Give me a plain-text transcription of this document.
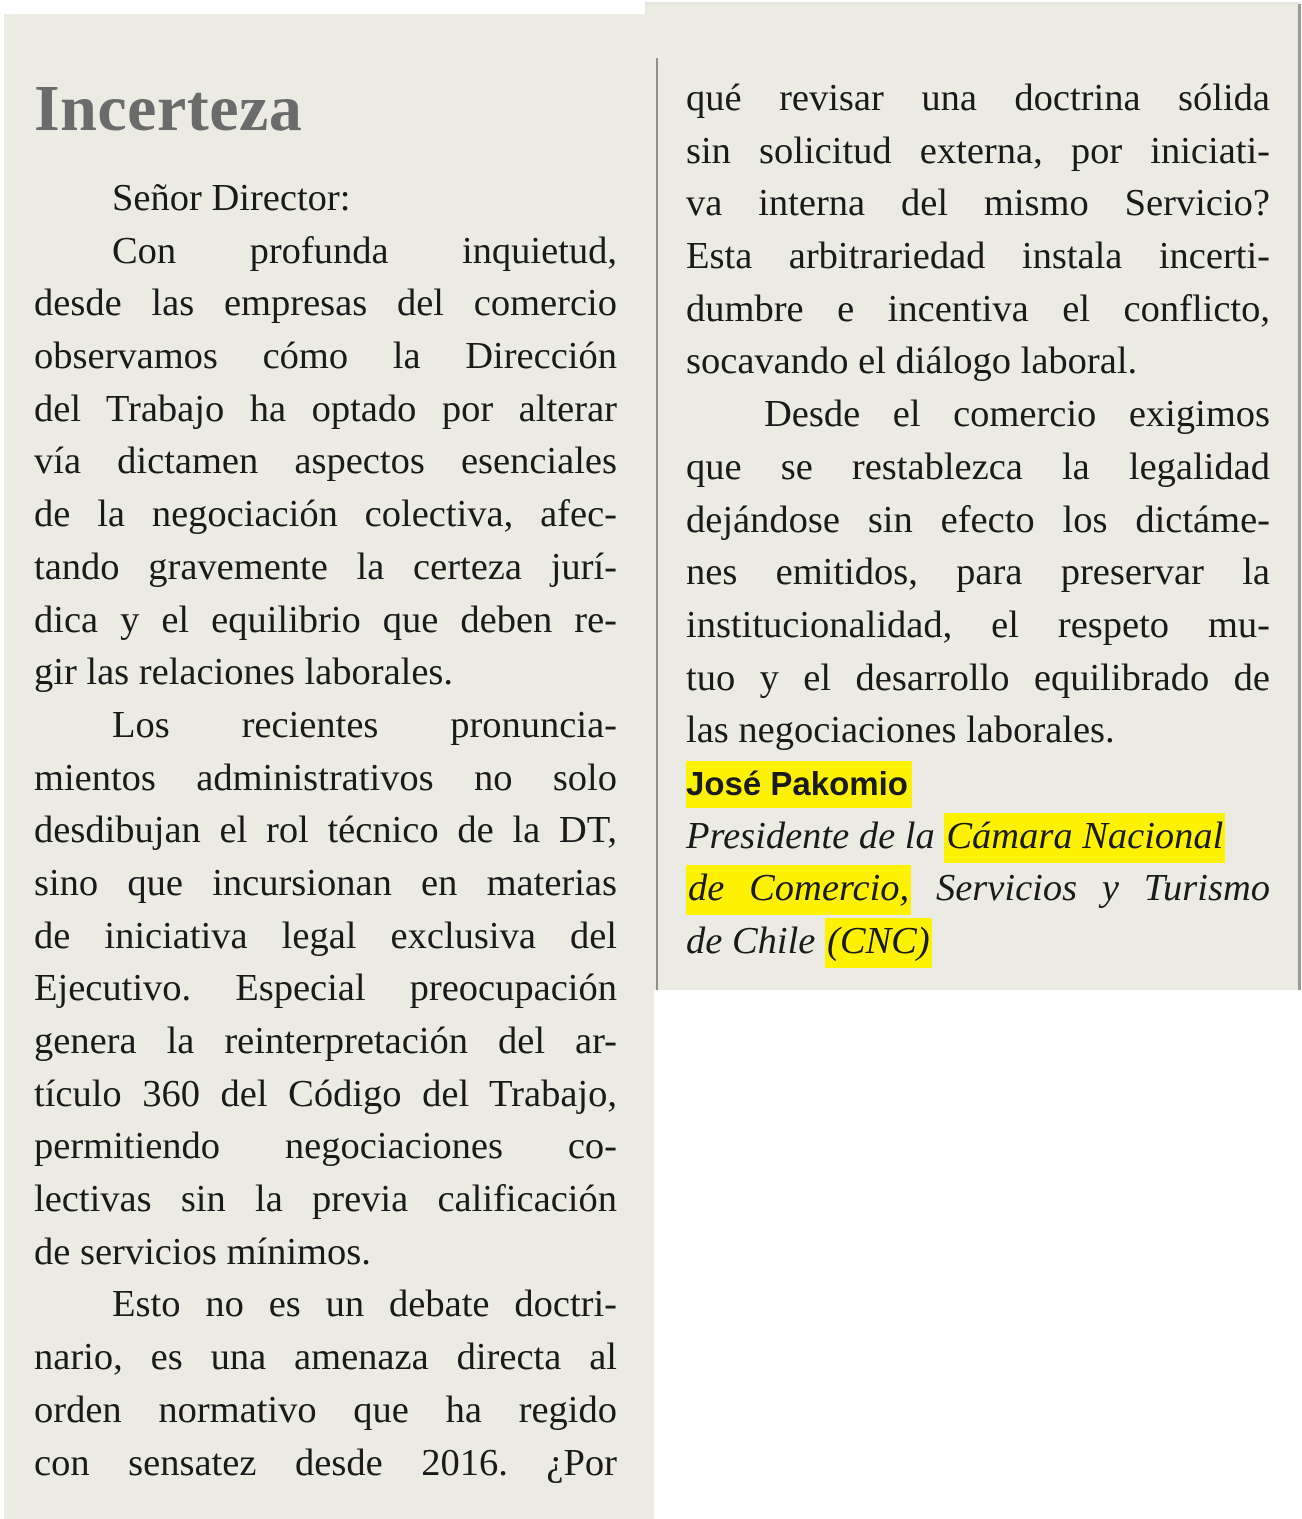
Incerteza
Señor Director:
Con profunda inquietud,
desde las empresas del comercio
observamos cómo la Dirección
del Trabajo ha optado por alterar
vía dictamen aspectos esenciales
de la negociación colectiva, afec-
tando gravemente la certeza jurí-
dica y el equilibrio que deben re-
gir las relaciones laborales.
Los recientes pronuncia-
mientos administrativos no solo
desdibujan el rol técnico de la DT,
sino que incursionan en materias
de iniciativa legal exclusiva del
Ejecutivo. Especial preocupación
genera la reinterpretación del ar-
tículo 360 del Código del Trabajo,
permitiendo negociaciones co-
lectivas sin la previa calificación
de servicios mínimos.
Esto no es un debate doctri-
nario, es una amenaza directa al
orden normativo que ha regido
con sensatez desde 2016. ¿Por
qué revisar una doctrina sólida
sin solicitud externa, por iniciati-
va interna del mismo Servicio?
Esta arbitrariedad instala incerti-
dumbre e incentiva el conflicto,
socavando el diálogo laboral.
Desde el comercio exigimos
que se restablezca la legalidad
dejándose sin efecto los dictáme-
nes emitidos, para preservar la
institucionalidad, el respeto mu-
tuo y el desarrollo equilibrado de
las negociaciones laborales.
José Pakomio
Presidente de la Cámara Nacional
de Comercio, Servicios y Turismo
de Chile (CNC)
